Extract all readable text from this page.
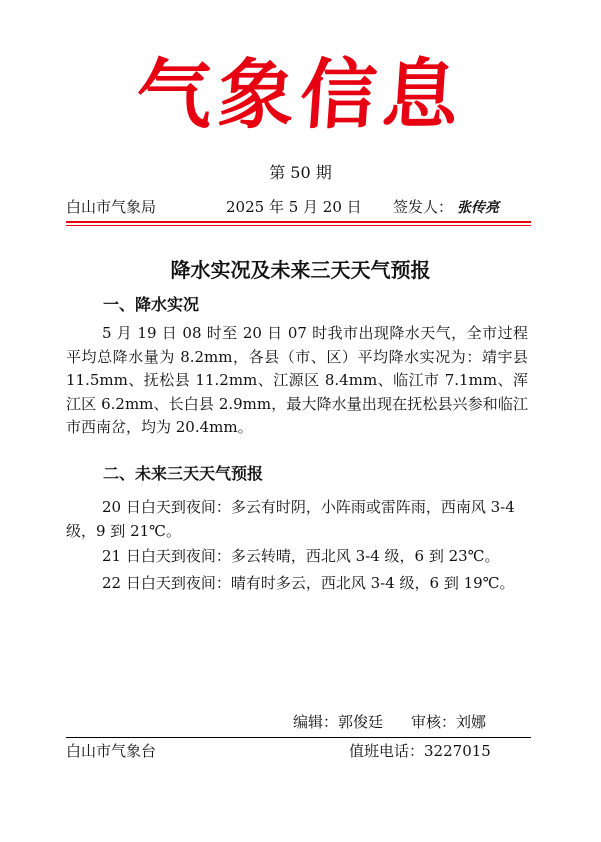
气象信息
第 50 期
白山市气象局	2025 年 5 月 20 日 签发人： 张传亮
降水实况及未来三天天气预报
一、降水实况
5 月 19 日 08 时至 20 日 07 时我市出现降水天气，全市过程平均总降水量为 8.2mm，各县（市、区）平均降水实况为：靖宇县 11.5mm、抚松县 11.2mm、江源区 8.4mm、临江市 7.1mm、浑江区 6.2mm、长白县 2.9mm，最大降水量出现在抚松县兴参和临江市西南岔，均为 20.4mm。
二、未来三天天气预报
20 日白天到夜间：多云有时阴，小阵雨或雷阵雨，西南风 3-4 级，9 到 21℃。
21 日白天到夜间：多云转晴，西北风 3-4 级，6 到 23℃。
22 日白天到夜间：晴有时多云，西北风 3-4 级，6 到 19℃。
编辑：郭俊廷 审核：刘娜
白山市气象台	值班电话：3227015
